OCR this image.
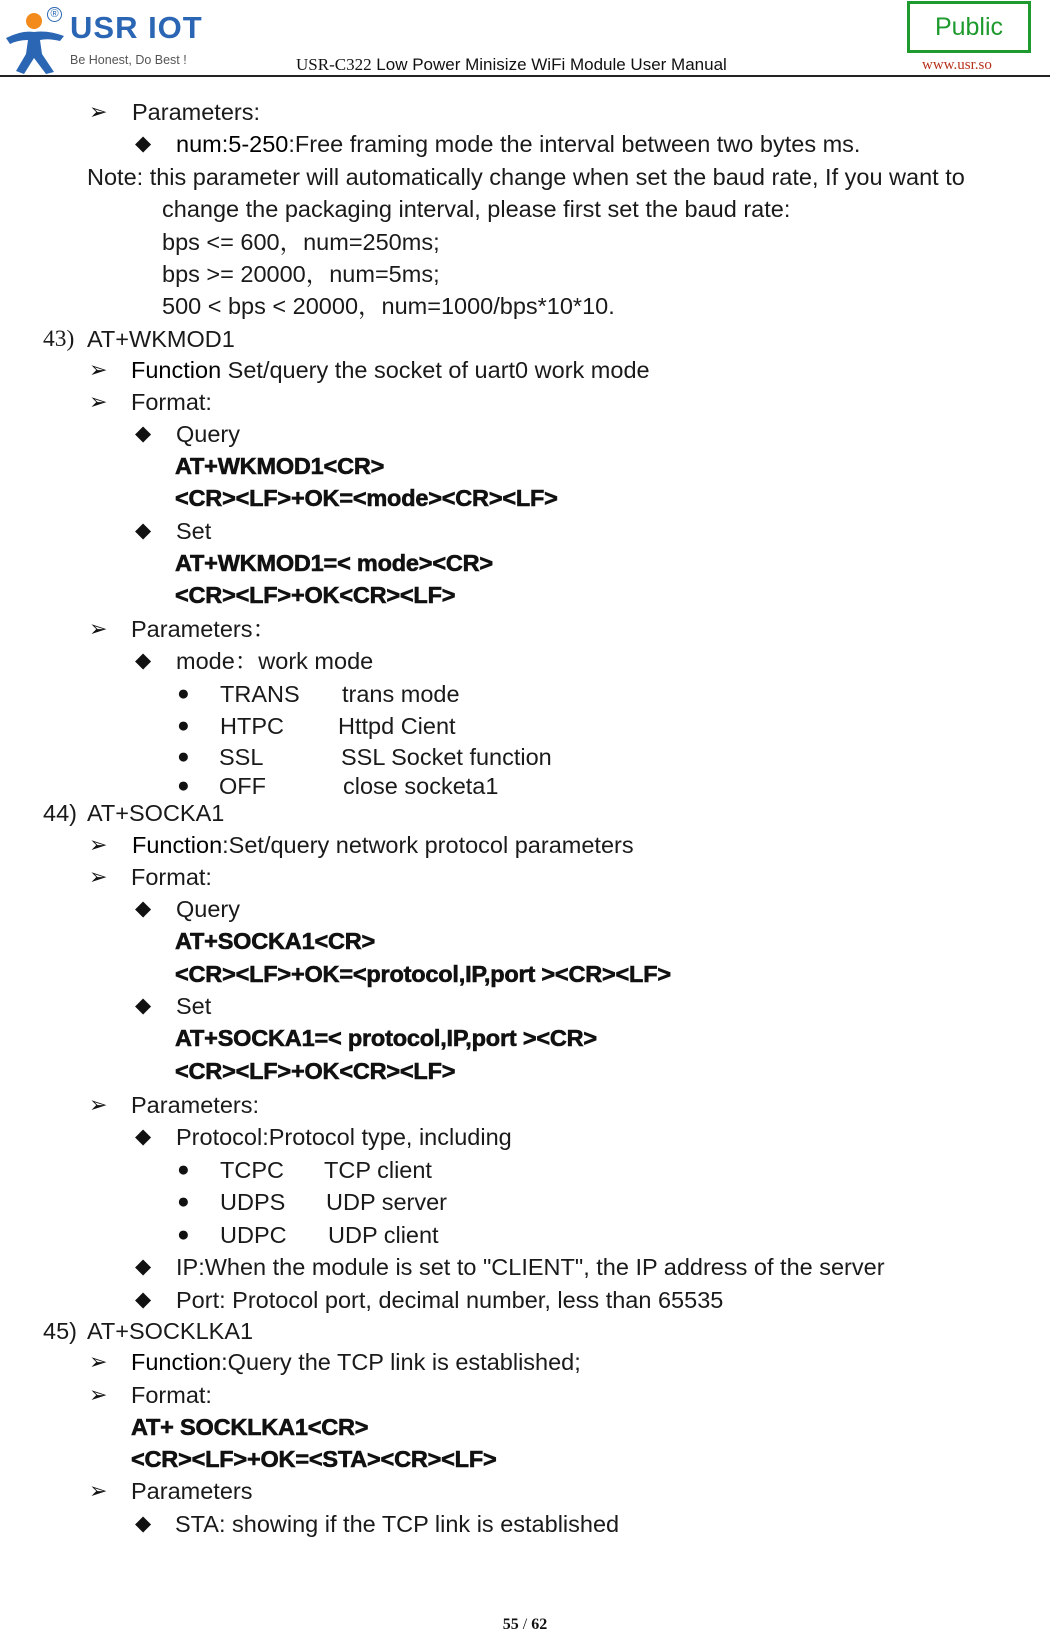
® USR IOT
Be Honest, Do Best !	USR-C322 Low Power Minisize WiFi Module User Manual
Public
www.usr.so
➢ Parameters:
◆ num:5-250:Free framing mode the interval between two bytes ms.
Note: this parameter will automatically change when set the baud rate, If you want to
change the packaging interval, please first set the baud rate:
bps <= 600，num=250ms;
bps >= 20000，num=5ms;
500 < bps < 20000，num=1000/bps*10*10.
43) AT+WKMOD1
➢ Function Set/query the socket of uart0 work mode
➢ Format:
◆ Query
AT+WKMOD1<CR>
<CR><LF>+OK=<mode><CR><LF>
◆ Set
AT+WKMOD1=< mode><CR>
<CR><LF>+OK<CR><LF>
➢ Parameters：
◆ mode：work mode
● TRANS trans mode
● HTPC Httpd Cient
● SSL	SSL Socket function
● OFF	close socketa1
44) AT+SOCKA1
➢ Function:Set/query network protocol parameters
➢ Format:
◆ Query
AT+SOCKA1<CR>
<CR><LF>+OK=<protocol,IP,port ><CR><LF>
◆ Set
AT+SOCKA1=< protocol,IP,port ><CR>
<CR><LF>+OK<CR><LF>
➢ Parameters:
◆ Protocol:Protocol type, including
● TCPC TCP client
● UDPS UDP server
● UDPC UDP client
◆ IP:When the module is set to "CLIENT", the IP address of the server
◆ Port: Protocol port, decimal number, less than 65535
45) AT+SOCKLKA1
➢ Function:Query the TCP link is established;
➢ Format:
AT+ SOCKLKA1<CR>
<CR><LF>+OK=<STA><CR><LF>
➢ Parameters
◆ STA: showing if the TCP link is established
55 / 62
